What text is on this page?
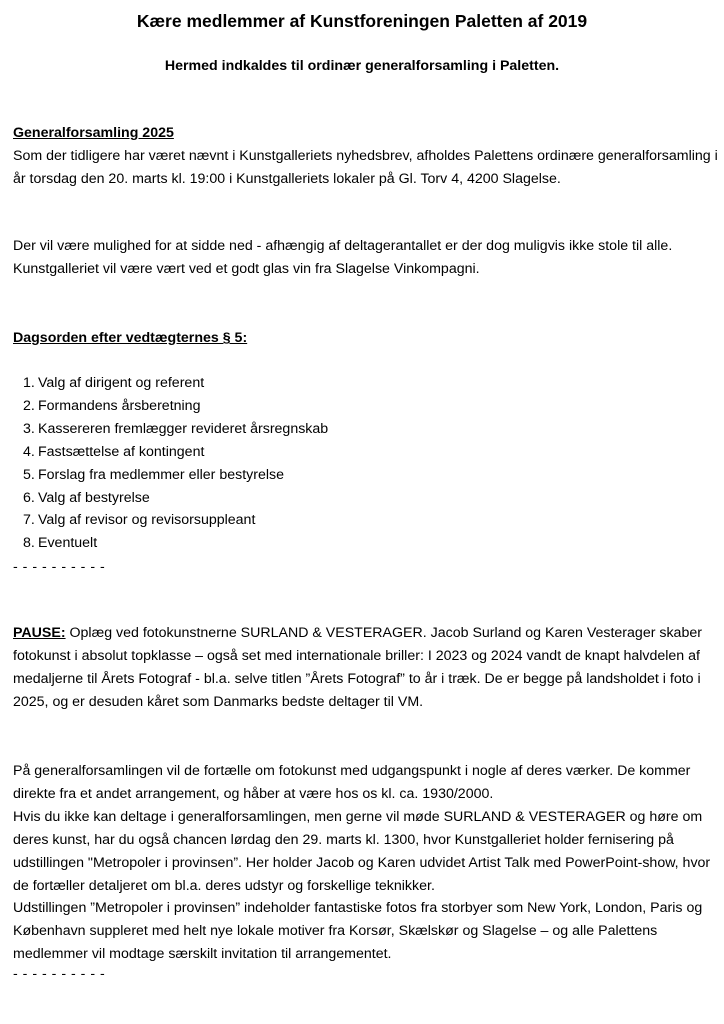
Kære medlemmer af Kunstforeningen Paletten af 2019
Hermed indkaldes til ordinær generalforsamling i Paletten.
Generalforsamling 2025
Som der tidligere har været nævnt i Kunstgalleriets nyhedsbrev, afholdes Palettens ordinære generalforsamling i år torsdag den 20. marts kl. 19:00 i Kunstgalleriets lokaler på Gl. Torv 4, 4200 Slagelse.
Der vil være mulighed for at sidde ned - afhængig af deltagerantallet er der dog muligvis ikke stole til alle. Kunstgalleriet vil være vært ved et godt glas vin fra Slagelse Vinkompagni.
Dagsorden efter vedtægternes § 5:
1. Valg af dirigent og referent
2. Formandens årsberetning
3. Kassereren fremlægger revideret årsregnskab
4. Fastsættelse af kontingent
5. Forslag fra medlemmer eller bestyrelse
6. Valg af bestyrelse
7. Valg af revisor og revisorsuppleant
8. Eventuelt
- - - - - - - - - -
PAUSE: Oplæg ved fotokunstnerne SURLAND & VESTERAGER. Jacob Surland og Karen Vesterager skaber fotokunst i absolut topklasse – også set med internationale briller: I 2023 og 2024 vandt de knapt halvdelen af medaljerne til Årets Fotograf - bl.a. selve titlen ”Årets Fotograf” to år i træk. De er begge på landsholdet i foto i 2025, og er desuden kåret som Danmarks bedste deltager til VM.
På generalforsamlingen vil de fortælle om fotokunst med udgangspunkt i nogle af deres værker. De kommer direkte fra et andet arrangement, og håber at være hos os kl. ca. 1930/2000.
Hvis du ikke kan deltage i generalforsamlingen, men gerne vil møde SURLAND & VESTERAGER og høre om deres kunst, har du også chancen lørdag den 29. marts kl. 1300, hvor Kunstgalleriet holder fernisering på udstillingen "Metropoler i provinsen”. Her holder Jacob og Karen udvidet Artist Talk med PowerPoint-show, hvor de fortæller detaljeret om bl.a. deres udstyr og forskellige teknikker.
Udstillingen ”Metropoler i provinsen” indeholder fantastiske fotos fra storbyer som New York, London, Paris og København suppleret med helt nye lokale motiver fra Korsør, Skælskør og Slagelse – og alle Palettens medlemmer vil modtage særskilt invitation til arrangementet.
- - - - - - - - - -
